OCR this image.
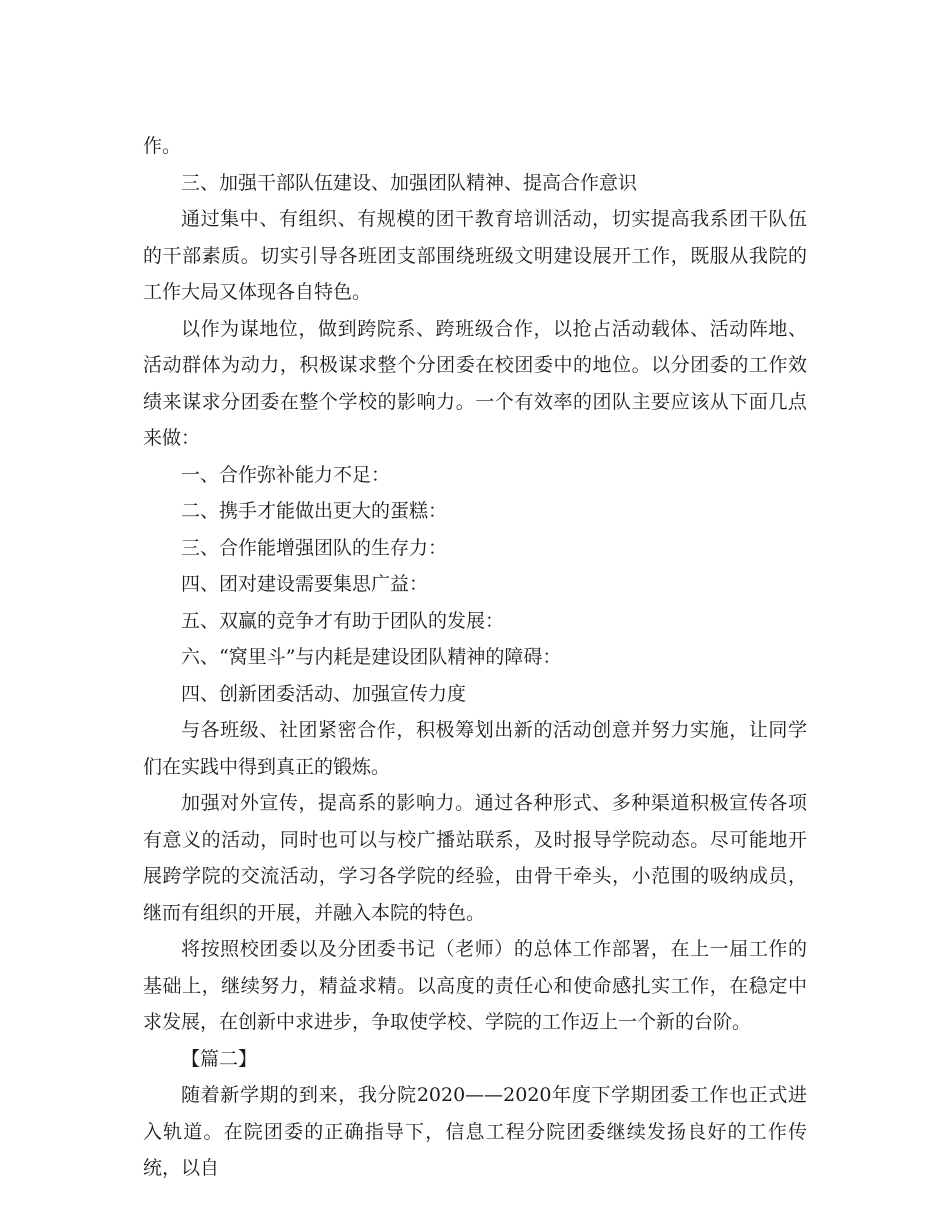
作。

三、加强干部队伍建设、加强团队精神、提高合作意识

通过集中、有组织、有规模的团干教育培训活动，切实提高我系团干队伍的干部素质。切实引导各班团支部围绕班级文明建设展开工作，既服从我院的工作大局又体现各自特色。

以作为谋地位，做到跨院系、跨班级合作，以抢占活动载体、活动阵地、活动群体为动力，积极谋求整个分团委在校团委中的地位。以分团委的工作效绩来谋求分团委在整个学校的影响力。一个有效率的团队主要应该从下面几点来做：

一、合作弥补能力不足：

二、携手才能做出更大的蛋糕：

三、合作能增强团队的生存力：

四、团对建设需要集思广益：

五、双赢的竞争才有助于团队的发展：

六、“窝里斗”与内耗是建设团队精神的障碍：

四、创新团委活动、加强宣传力度

与各班级、社团紧密合作，积极筹划出新的活动创意并努力实施，让同学们在实践中得到真正的锻炼。

加强对外宣传，提高系的影响力。通过各种形式、多种渠道积极宣传各项有意义的活动，同时也可以与校广播站联系，及时报导学院动态。尽可能地开展跨学院的交流活动，学习各学院的经验，由骨干牵头，小范围的吸纳成员，继而有组织的开展，并融入本院的特色。

将按照校团委以及分团委书记（老师）的总体工作部署，在上一届工作的基础上，继续努力，精益求精。以高度的责任心和使命感扎实工作，在稳定中求发展，在创新中求进步，争取使学校、学院的工作迈上一个新的台阶。

【篇二】

随着新学期的到来，我分院2020——2020年度下学期团委工作也正式进入轨道。在院团委的正确指导下，信息工程分院团委继续发扬良好的工作传统，以自
